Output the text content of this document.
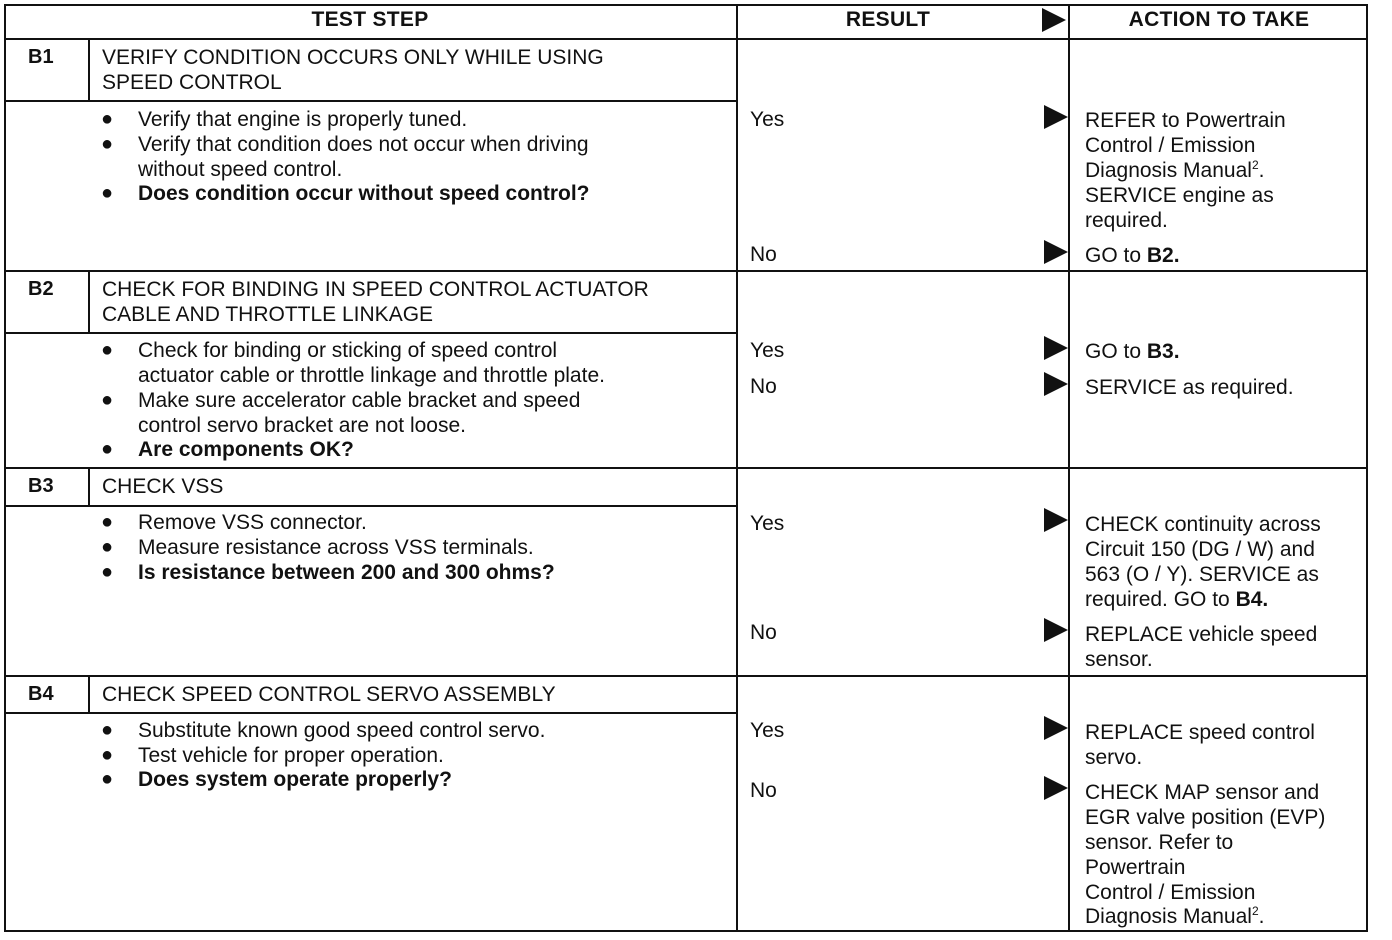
TEST STEP	RESULT	ACTION TO TAKE
B1	VERIFY CONDITION OCCURS ONLY WHILE USING
SPEED CONTROL
● Verify that engine is properly tuned.
● Verify that condition does not occur when driving
without speed control.
● Does condition occur without speed control?
Yes	REFER to Powertrain
Control / Emission
Diagnosis Manual$^2$.
SERVICE engine as
required.
No	GO to B2.
B2	CHECK FOR BINDING IN SPEED CONTROL ACTUATOR
CABLE AND THROTTLE LINKAGE
● Check for binding or sticking of speed control
actuator cable or throttle linkage and throttle plate.
● Make sure accelerator cable bracket and speed
control servo bracket are not loose.
● Are components OK?
Yes	GO to B3.
No	SERVICE as required.
B3	CHECK VSS
● Remove VSS connector.
● Measure resistance across VSS terminals.
● Is resistance between 200 and 300 ohms?
Yes	CHECK continuity across
Circuit 150 (DG / W) and
563 (O / Y). SERVICE as
required. GO to B4.
No	REPLACE vehicle speed
sensor.
B4	CHECK SPEED CONTROL SERVO ASSEMBLY
● Substitute known good speed control servo.
● Test vehicle for proper operation.
● Does system operate properly?
Yes	REPLACE speed control
servo.
No	CHECK MAP sensor and
EGR valve position (EVP)
sensor. Refer to
Powertrain
Control / Emission
Diagnosis Manual$^2$.
